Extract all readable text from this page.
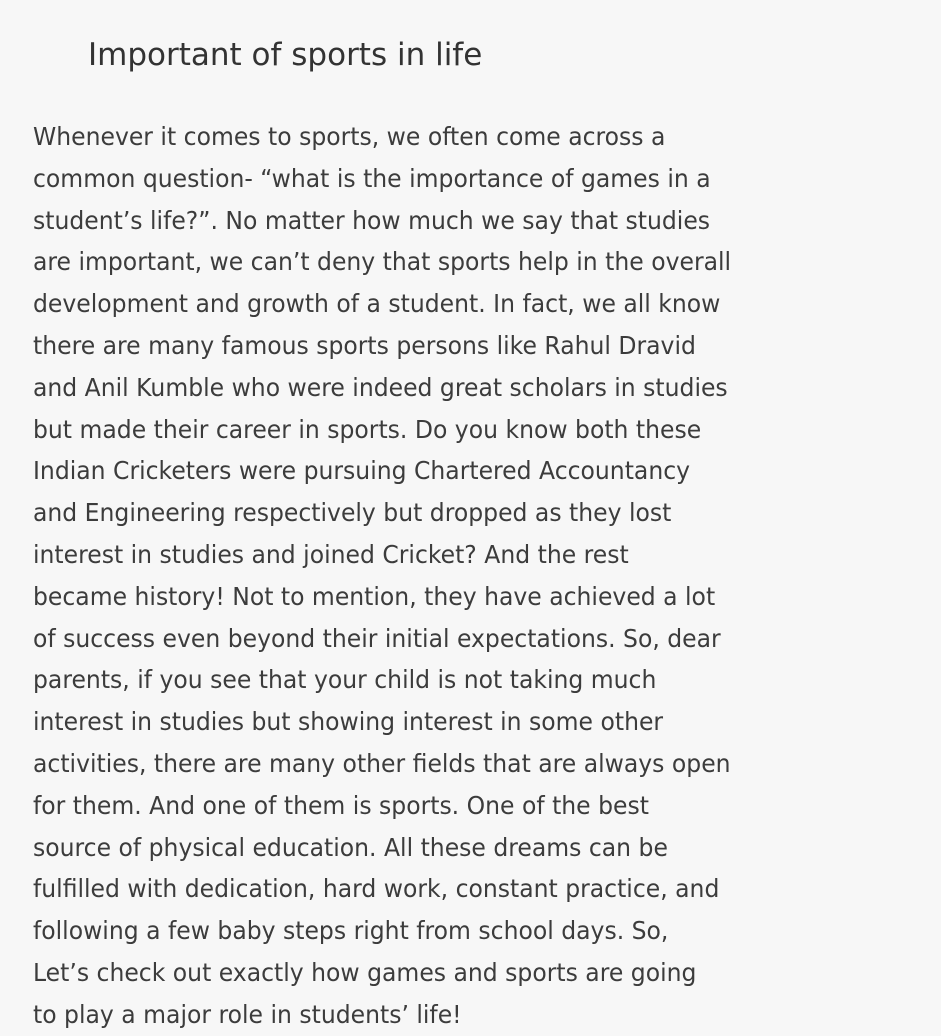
Important of sports in life
Whenever it comes to sports, we often come across a
common question- “what is the importance of games in a
student’s life?”. No matter how much we say that studies
are important, we can’t deny that sports help in the overall
development and growth of a student. In fact, we all know
there are many famous sports persons like Rahul Dravid
and Anil Kumble who were indeed great scholars in studies
but made their career in sports. Do you know both these
Indian Cricketers were pursuing Chartered Accountancy
and Engineering respectively but dropped as they lost
interest in studies and joined Cricket? And the rest
became history! Not to mention, they have achieved a lot
of success even beyond their initial expectations. So, dear
parents, if you see that your child is not taking much
interest in studies but showing interest in some other
activities, there are many other fields that are always open
for them. And one of them is sports. One of the best
source of physical education. All these dreams can be
fulfilled with dedication, hard work, constant practice, and
following a few baby steps right from school days. So,
Let’s check out exactly how games and sports are going
to play a major role in students’ life!
